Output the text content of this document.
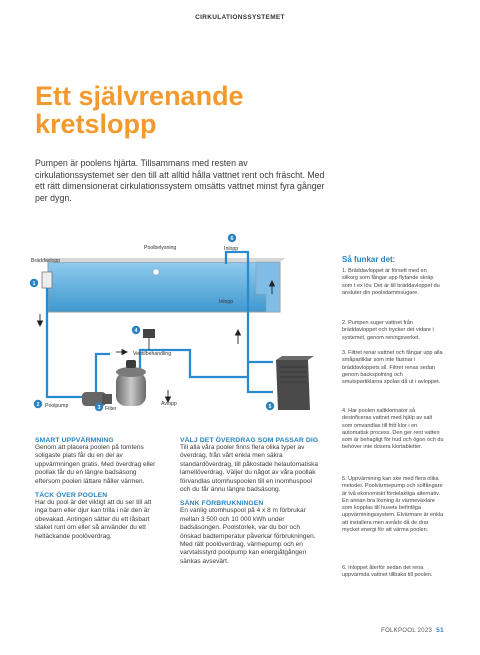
CIRKULATIONSSYSTEMET
Ett självrenande
kretslopp
Pumpen är poolens hjärta. Tillsammans med resten av cirkulationssystemet ser den till att alltid hålla vattnet rent och fräscht. Med ett rätt dimensionerat cirkulationssystem omsätts vattnet minst fyra gånger per dygn.
1
2	3
4
5
6
Bräddavlopp
Poolbelysning	Inlopp
Inlopp
Ventilbehandling
Avlopp
Poolpump	Filter
Så funkar det:
1. Bräddavloppet är försett med en silkorg som fångar upp flytande skräp som t ex löv. Det är till bräddavloppet du ansluter din poolsdammsugare.
2. Pumpen suger vattnet från bräddavloppet och trycker det vidare i systemet, genom reningsverket.
3. Filtret renar vattnet och fångar upp alla småpartiklar som inte fastnar i bräddavloppets sil. Filtret renas sedan genom backspolning och smutspartiklarna spolas då ut i avloppet.
4. Har poolen saltklorinator så desinficeras vattnet med hjälp av salt som omvandlas till fritt klor i en automatisk process. Den ger rent vatten som är behagligt för hud och ögon och du behöver inte dosera klortabletter.
5. Uppvärmning kan ske med flera olika metoder. Poolvärmepump och solfångare är två ekonomiskt fördelaktiga alternativ. En annan bra lösning är värmeväxlare som kopplas till husets befintliga uppvärmningssystem. Elvärmare är enkla att installera men avråds då de drar mycket energi för att värma poolen.
6. Inloppet återför sedan det rena uppvärmda vattnet tillbaka till poolen.
SMART UPPVÄRMNING
Genom att placera poolen på tomtens soligaste plats får du en del av uppvärmningen gratis. Med överdrag eller poollak får du en längre badsäsong eftersom poolen lättare håller värmen.
TÄCK ÖVER POOLEN
Har du pool är det viktigt att du ser till att inga barn eller djur kan trilla i när den är obevakad. Antingen sätter du ett låsbart staket runt om eller så använder du ett heltäckande poolöverdrag.
VÄLJ DET ÖVERDRAG SOM PASSAR DIG
Till alla våra pooler finns flera olika typer av överdrag, från vårt enkla men säkra standardöverdrag, till påkostade helautomatiska lamellöverdrag. Väljer du något av våra poollak förvandlas utomhuspoolen till en inomhuspool och du får ännu längre badsäsong.
SÄNK FÖRBRUKNINGEN
En vanlig utomhuspool på 4 x 8 m förbrukar mellan 3 500 och 10 000 kWh under badsäsongen. Poolstorlek, var du bor och önskad badtemperatur påverkar förbrukningen. Med rätt poolöverdrag, värmepump och en varvtalsstyrd poolpump kan energiåtgången sänkas avsevärt.
FOLKPOOL 2023 51
